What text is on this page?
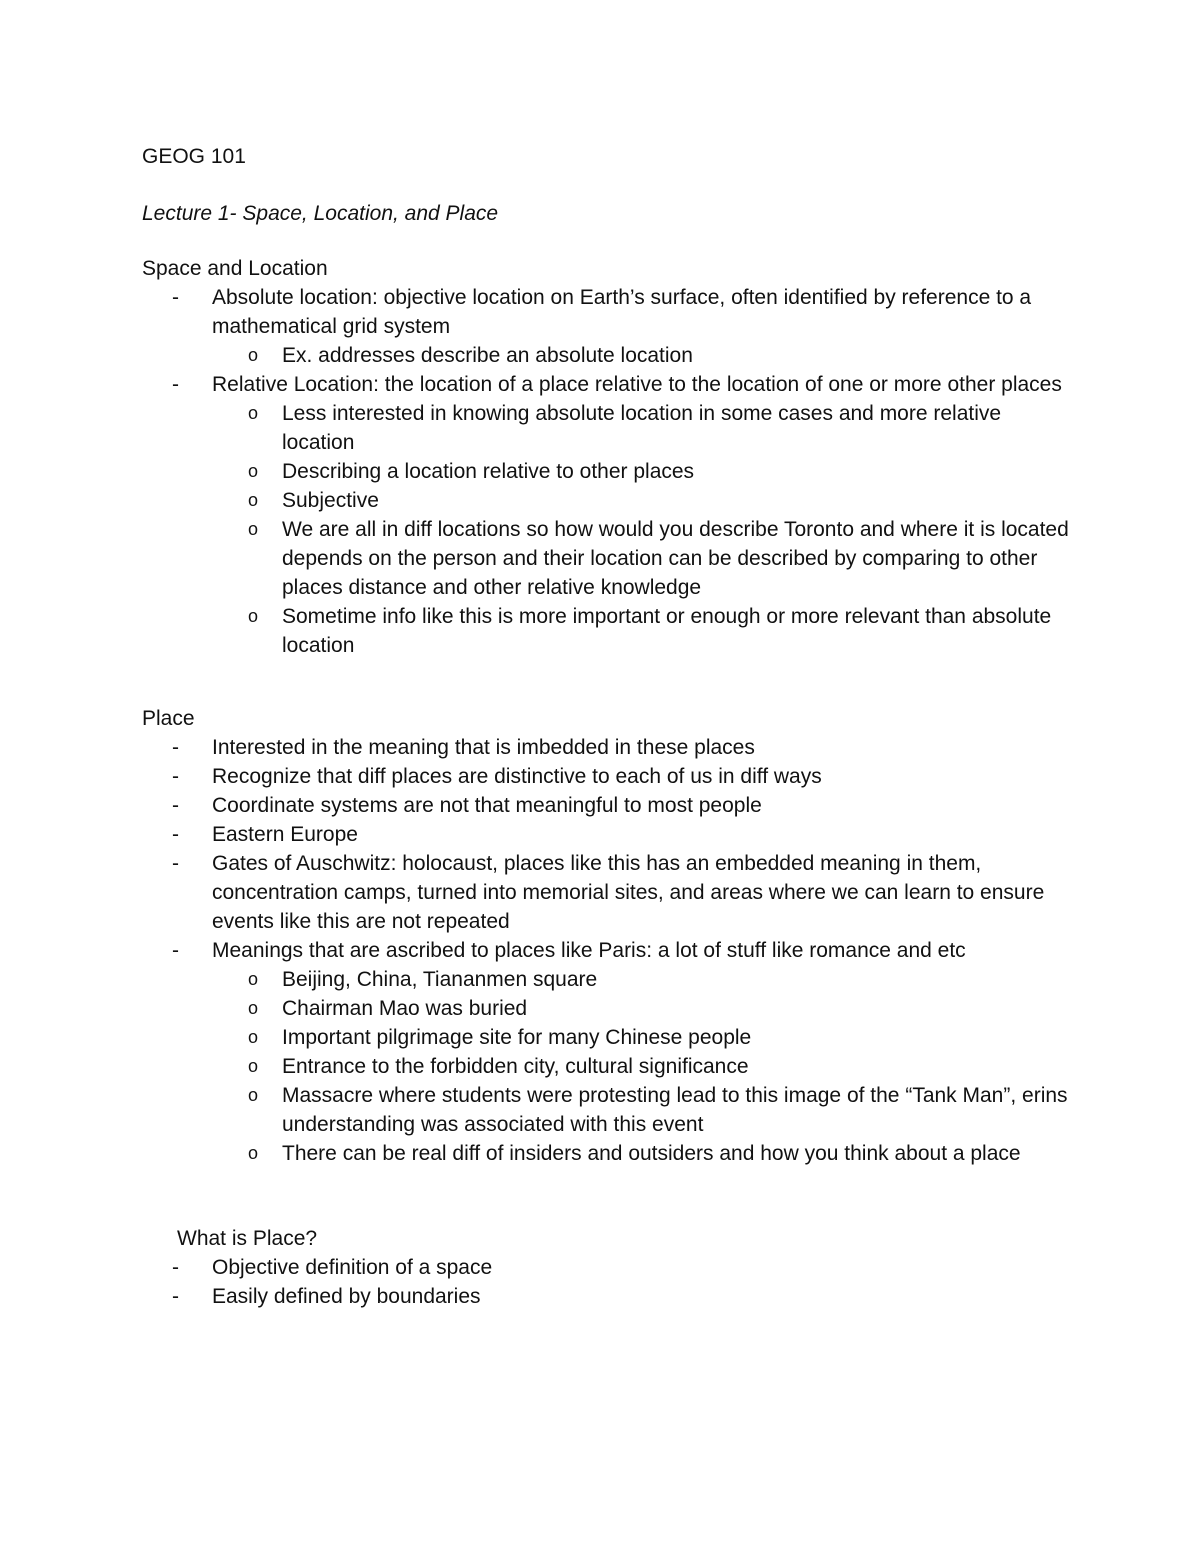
GEOG 101

Lecture 1- Space, Location, and Place

Space and Location

- Absolute location: objective location on Earth’s surface, often identified by reference to a mathematical grid system
o Ex. addresses describe an absolute location
- Relative Location: the location of a place relative to the location of one or more other places
o Less interested in knowing absolute location in some cases and more relative location
o Describing a location relative to other places
o Subjective
o We are all in diff locations so how would you describe Toronto and where it is located depends on the person and their location can be described by comparing to other places distance and other relative knowledge
o Sometime info like this is more important or enough or more relevant than absolute location

Place

- Interested in the meaning that is imbedded in these places
- Recognize that diff places are distinctive to each of us in diff ways
- Coordinate systems are not that meaningful to most people
- Eastern Europe
- Gates of Auschwitz: holocaust, places like this has an embedded meaning in them, concentration camps, turned into memorial sites, and areas where we can learn to ensure events like this are not repeated
- Meanings that are ascribed to places like Paris: a lot of stuff like romance and etc
o Beijing, China, Tiananmen square
o Chairman Mao was buried
o Important pilgrimage site for many Chinese people
o Entrance to the forbidden city, cultural significance
o Massacre where students were protesting lead to this image of the “Tank Man”, erins understanding was associated with this event
o There can be real diff of insiders and outsiders and how you think about a place

What is Place?

- Objective definition of a space
- Easily defined by boundaries
